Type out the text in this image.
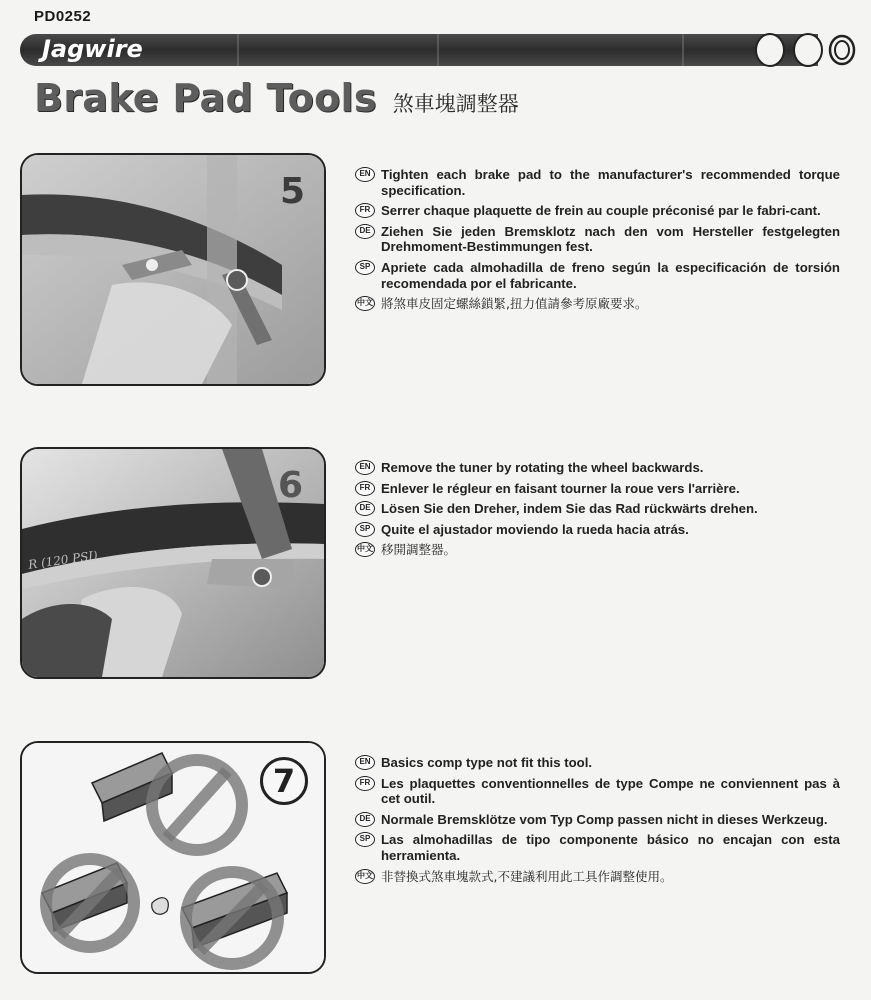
PD0252
Jagwire
Brake Pad Tools 煞車塊調整器
5	EN Tighten each brake pad to the manufacturer's recommended torque specification.
FR Serrer chaque plaquette de frein au couple préconisé par le fabri-cant.
DE Ziehen Sie jeden Bremsklotz nach den vom Hersteller festgelegten Drehmoment-Bestimmungen fest.
SP Apriete cada almohadilla de freno según la especificación de torsión recomendada por el fabricante.
中文 將煞車皮固定螺絲鎖緊,扭力值請參考原廠要求。
R (120 PSI)
6	EN Remove the tuner by rotating the wheel backwards.
FR Enlever le régleur en faisant tourner la roue vers l'arrière.
DE Lösen Sie den Dreher, indem Sie das Rad rückwärts drehen.
SP Quite el ajustador moviendo la rueda hacia atrás.
中文 移開調整器。
7
EN Basics comp type not fit this tool.
FR Les plaquettes conventionnelles de type Compe ne conviennent pas à cet outil.
DE Normale Bremsklötze vom Typ Comp passen nicht in dieses Werkzeug.
SP Las almohadillas de tipo componente básico no encajan con esta herramienta.
中文 非替換式煞車塊款式,不建議利用此工具作調整使用。
